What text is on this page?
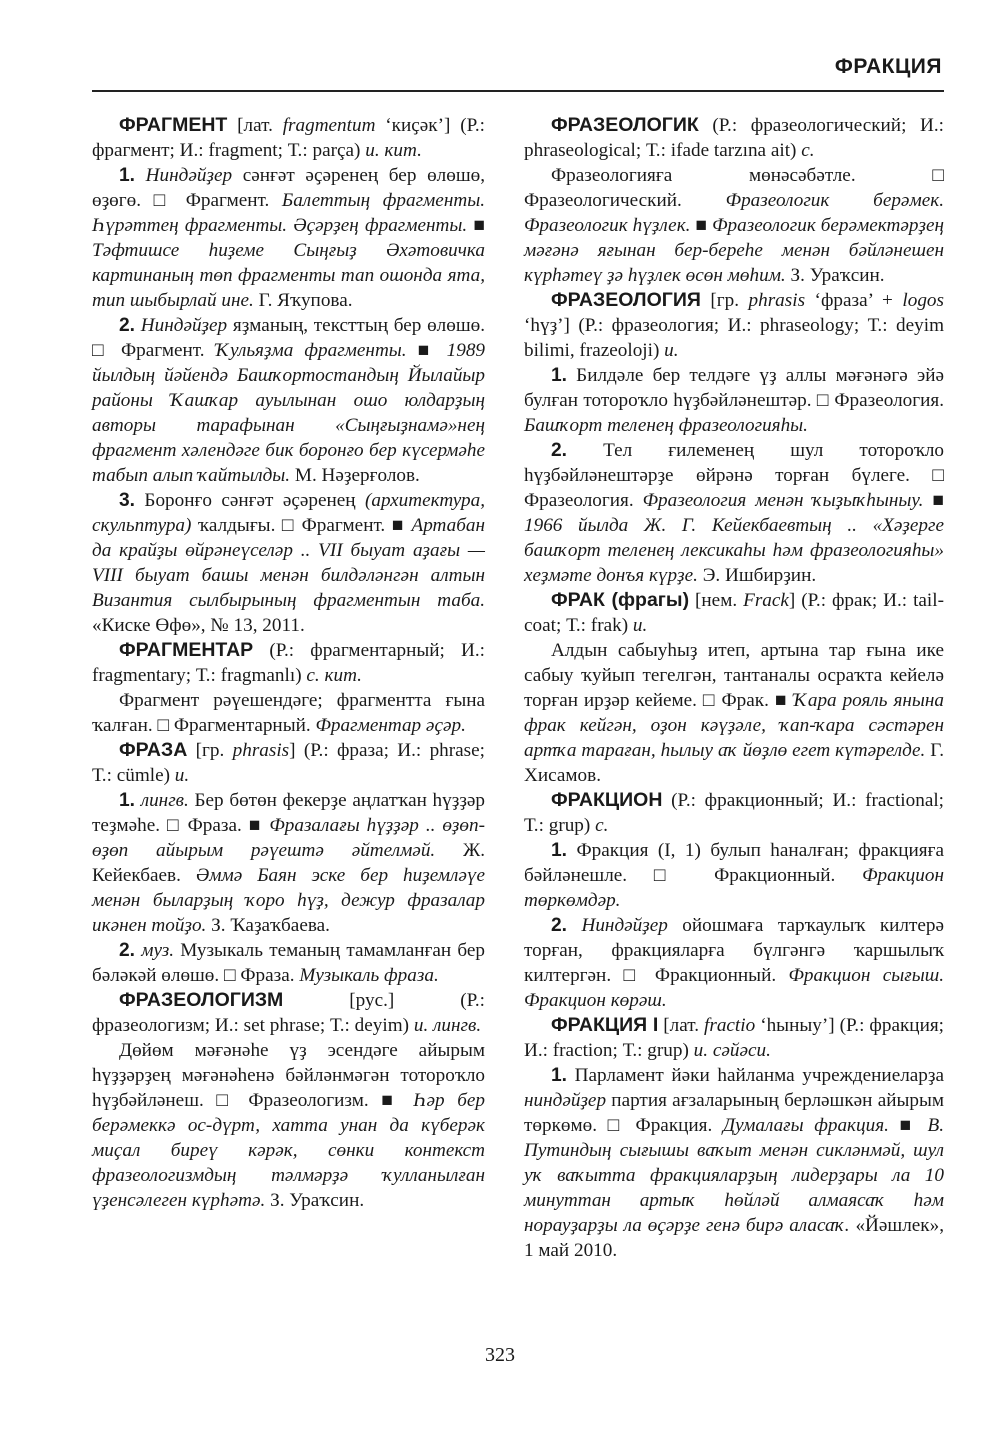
ФРАКЦИЯ

ФРАГМЕНТ [лат. fragmentum ‘киҫәк’] (Р.: фрагмент; И.: fragment; Т.: parça) и. кит.

1. Ниндәйҙер сәнғәт әҫәренең бер өлөшө, өҙөгө. □ Фрагмент. Балеттың фрагменты. Һүрәттең фрагменты. Әҫәрҙең фрагменты. ■ Тәфтишсе һиҙеме Сыңғыҙ Әхәтовичка картинаның төп фрагменты тап ошонда ята, тип шыбырлай ине. Г. Яҡупова.

2. Ниндәйҙер яҙманың, тексттың бер өлөшө. □ Фрагмент. Ҡульяҙма фрагменты. ■ 1989 йылдың йәйендә Башҡортостандың Йылайыр районы Ҡашҡар ауылынан ошо юлдарҙың авторы тарафынан «Сыңғыҙнамә»нең фрагмент хәлендәге бик боронғо бер күсермәһе табып алып ҡайтылды. М. Нәҙерғолов.

3. Боронғо сәнғәт әҫәренең (архитектура, скульптура) ҡалдығы. □ Фрагмент. ■ Артабан да крайҙы өйрәнеүселәр .. VII быуат аҙағы — VIII быуат башы менән билдәләнгән алтын Византия сылбырының фрагментын таба. «Киске Өфө», № 13, 2011.

ФРАГМЕНТАР (Р.: фрагментарный; И.: fragmentary; Т.: fragmanlı) с. кит.

Фрагмент рәүешендәге; фрагментта ғына ҡалған. □ Фрагментарный. Фрагментар әҫәр.

ФРАЗА [гр. phrasis] (Р.: фраза; И.: phrase; Т.: cümle) и.

1. лингв. Бер бөтөн фекерҙе аңлатҡан һүҙҙәр теҙмәһе. □ Фраза. ■ Фразалағы һүҙҙәр .. өҙөп-өҙөп айырым рәүештә әйтелмәй. Ж. Кейекбаев. Әммә Баян эске бер һиҙемләүе менән быларҙың ҡоро һүҙ, дежур фразалар икәнен тойҙо. З. Ҡаҙаҡбаева.

2. муз. Музыкаль теманың тамамланған бер бәләкәй өлөшө. □ Фраза. Музыкаль фраза.

ФРАЗЕОЛОГИЗМ [рус.] (Р.: фразеологизм; И.: set phrase; Т.: deyim) и. лингв.

Дөйөм мәғәнәһе үҙ эсендәге айырым һүҙҙәрҙең мәғәнәһенә бәйләнмәгән тотороҡло һүҙбәйләнеш. □ Фразеологизм. ■ Һәр бер берәмеккә ос-дүрт, хатта унан да күберәк миҫал биреү кәрәк, сөнки контекст фразеологизмдың тәлмәрҙә ҡулланылған үҙенсәлеген күрһәтә. З. Ураҡсин.

ФРАЗЕОЛОГИК (Р.: фразеологический; И.: phraseological; Т.: ifade tarzına ait) с.

Фразеологияға мөнәсәбәтле. □ Фразеологический. Фразеологик берәмек. Фразеологик һүҙлек. ■ Фразеологик берәмектәрҙең мәғәнә яғынан бер-береһе менән бәйләнешен күрһәтеү ҙә һүҙлек өсөн мөһим. З. Ураҡсин.

ФРАЗЕОЛОГИЯ [гр. phrasis ‘фраза’ + logos ‘һүҙ’] (Р.: фразеология; И.: phraseology; Т.: deyim bilimi, frazeoloji) и.

1. Билдәле бер телдәге үҙ аллы мәғәнәгә эйә булған тотороҡло һүҙбәйләнештәр. □ Фразеология. Башҡорт теленең фразеологияһы.

2. Тел ғилеменең шул тотороҡло һүҙбәйләнештәрҙе өйрәнә торған бүлеге. □ Фразеология. Фразеология менән ҡыҙыҡһыныу. ■ 1966 йылда Ж. Г. Кейекбаевтың .. «Хәҙерге башҡорт теленең лексикаһы һәм фразеологияһы» хеҙмәте донъя күрҙе. Э. Ишбирҙин.

ФРАК (фрагы) [нем. Frack] (Р.: фрак; И.: tail-coat; Т.: frak) и.

Алдын сабыуһыҙ итеп, артына тар ғына ике сабыу ҡуйып тегелгән, тантаналы осраҡта кейелә торған ирҙәр кейеме. □ Фрак. ■ Ҡара рояль янына фрак кейгән, оҙон кәүҙәле, ҡап-ҡара сәстәрен артҡа тараған, һылыу аҡ йөҙлө егет күтәрелде. Г. Хисамов.

ФРАКЦИОН (Р.: фракционный; И.: fractional; Т.: grup) с.

1. Фракция (I, 1) булып һаналған; фракцияға бәйләнешле. □ Фракционный. Фракцион төркөмдәр.

2. Ниндәйҙер ойошмаға тарҡаулыҡ килтерә торған, фракцияларға бүлгәнгә ҡаршылыҡ килтергән. □ Фракционный. Фракцион сығыш. Фракцион көрәш.

ФРАКЦИЯ I [лат. fractio ‘һыныу’] (Р.: фракция; И.: fraction; Т.: grup) и. сәйәси.

1. Парламент йәки һайланма учреждениеларҙа ниндәйҙер партия ағзаларының берләшкән айырым төркөмө. □ Фракция. Думалағы фракция. ■ В. Путиндың сығышы ваҡыт менән сикләнмәй, шул уҡ ваҡытта фракцияларҙың лидерҙары ла 10 минуттан артыҡ һөйләй алмаясаҡ һәм норауҙарҙы ла өҫәрҙе генә бирә аласаҡ. «Йәшлек», 1 май 2010.

323
